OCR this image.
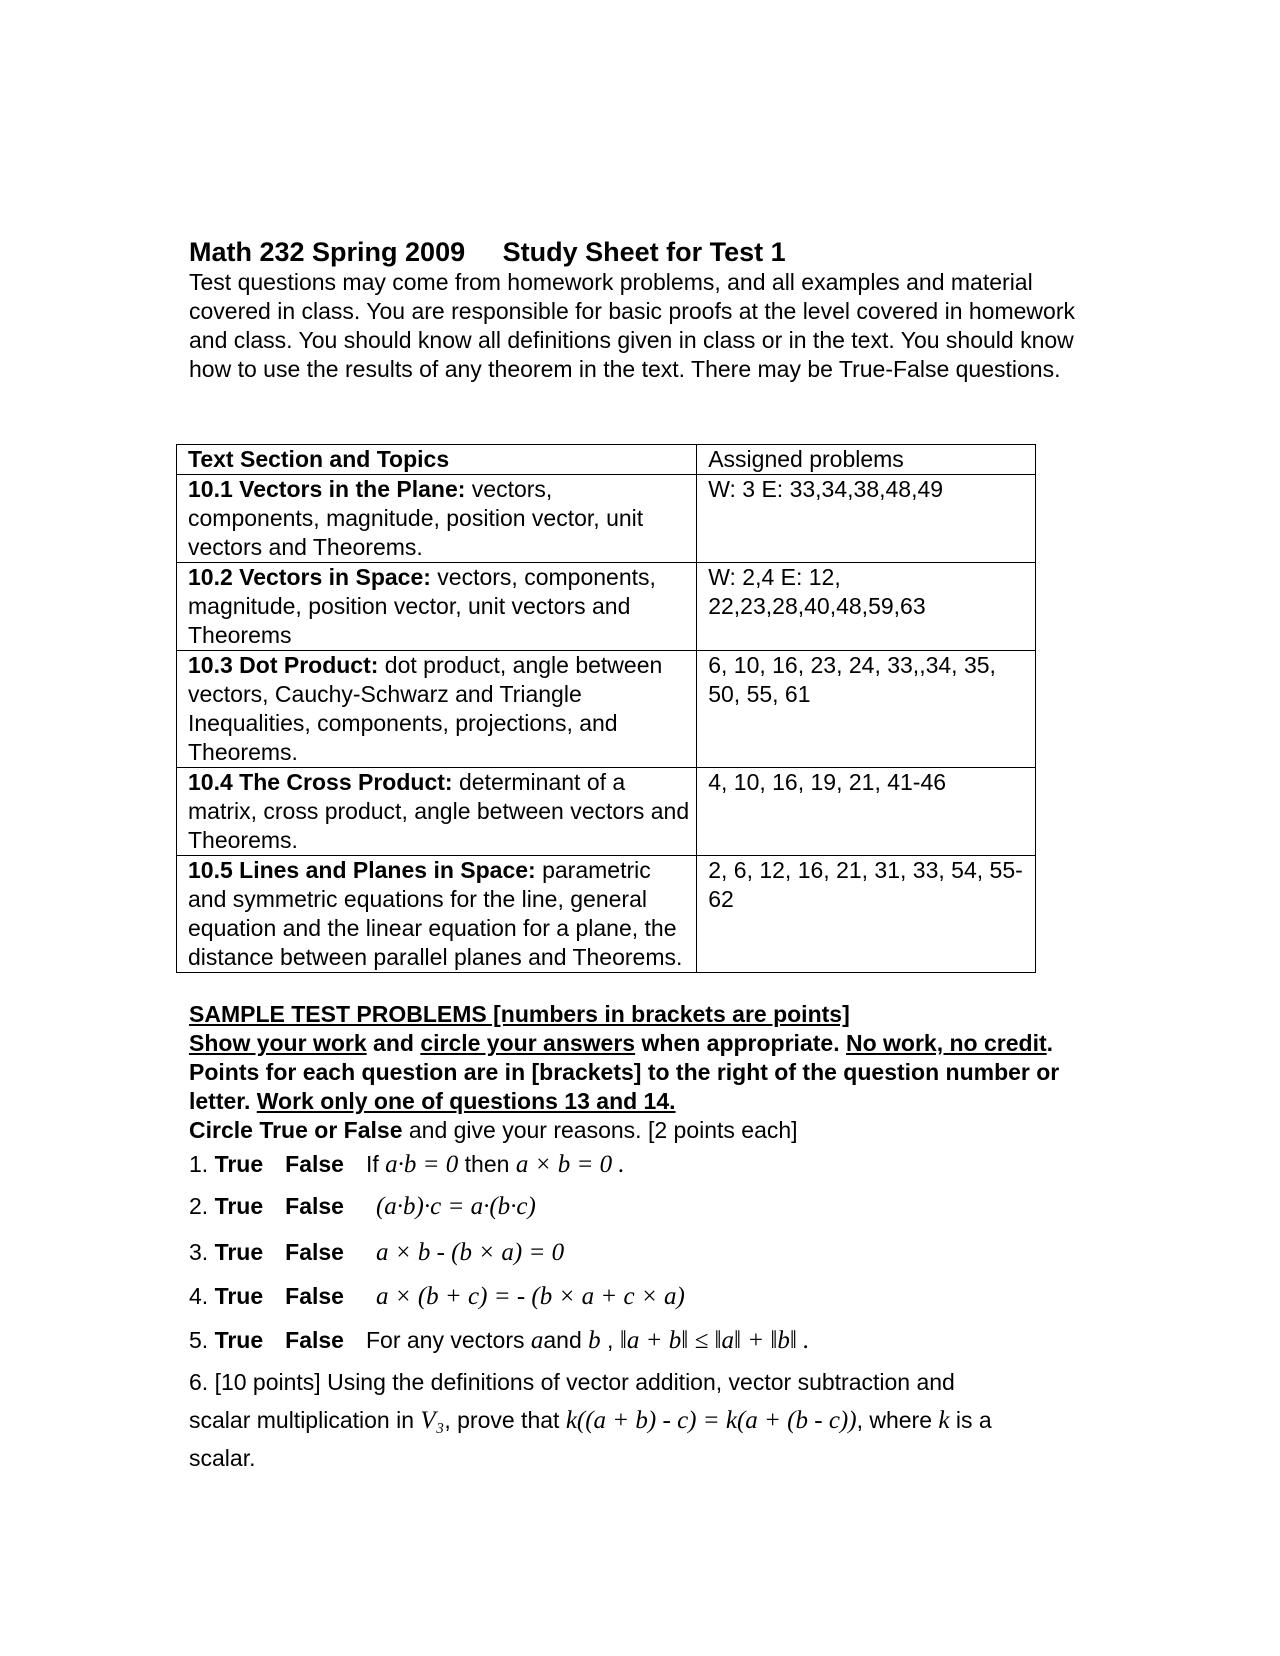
Math 232 Spring 2009     Study Sheet for Test 1
Test questions may come from homework problems, and all examples and material covered in class. You are responsible for basic proofs at the level covered in homework and class. You should know all definitions given in class or in the text. You should know how to use the results of any theorem in the text. There may be True-False questions.
Text Section and Topics	Assigned problems
10.1 Vectors in the Plane: vectors, components, magnitude, position vector, unit vectors and Theorems.	W: 3 E: 33,34,38,48,49
10.2 Vectors in Space: vectors, components, magnitude, position vector, unit vectors and Theorems	W: 2,4 E: 12, 22,23,28,40,48,59,63
10.3 Dot Product: dot product, angle between vectors, Cauchy-Schwarz and Triangle Inequalities, components, projections, and Theorems.	6, 10, 16, 23, 24, 33,,34, 35, 50, 55, 61
10.4 The Cross Product: determinant of a matrix, cross product, angle between vectors and Theorems.	4, 10, 16, 19, 21, 41-46
10.5 Lines and Planes in Space: parametric and symmetric equations for the line, general equation and the linear equation for a plane, the distance between parallel planes and Theorems.	2, 6, 12, 16, 21, 31, 33, 54, 55-62
SAMPLE TEST PROBLEMS [numbers in brackets are points]
Show your work and circle your answers when appropriate. No work, no credit. Points for each question are in [brackets] to the right of the question number or letter. Work only one of questions 13 and 14.
Circle True or False and give your reasons. [2 points each]
1. True False If a∙b = 0 then a × b = 0 .
2. True False (a∙b)∙c = a∙(b∙c)
3. True False a × b - (b × a) = 0
4. True False a × (b + c) = - (b × a + c × a)
5. True False For any vectors aand b , ‖a + b‖ ≤ ‖a‖ + ‖b‖ .
6. [10 points] Using the definitions of vector addition, vector subtraction and
scalar multiplication in V₃, prove that k((a + b) - c) = k(a + (b - c)), where k is a
scalar.
